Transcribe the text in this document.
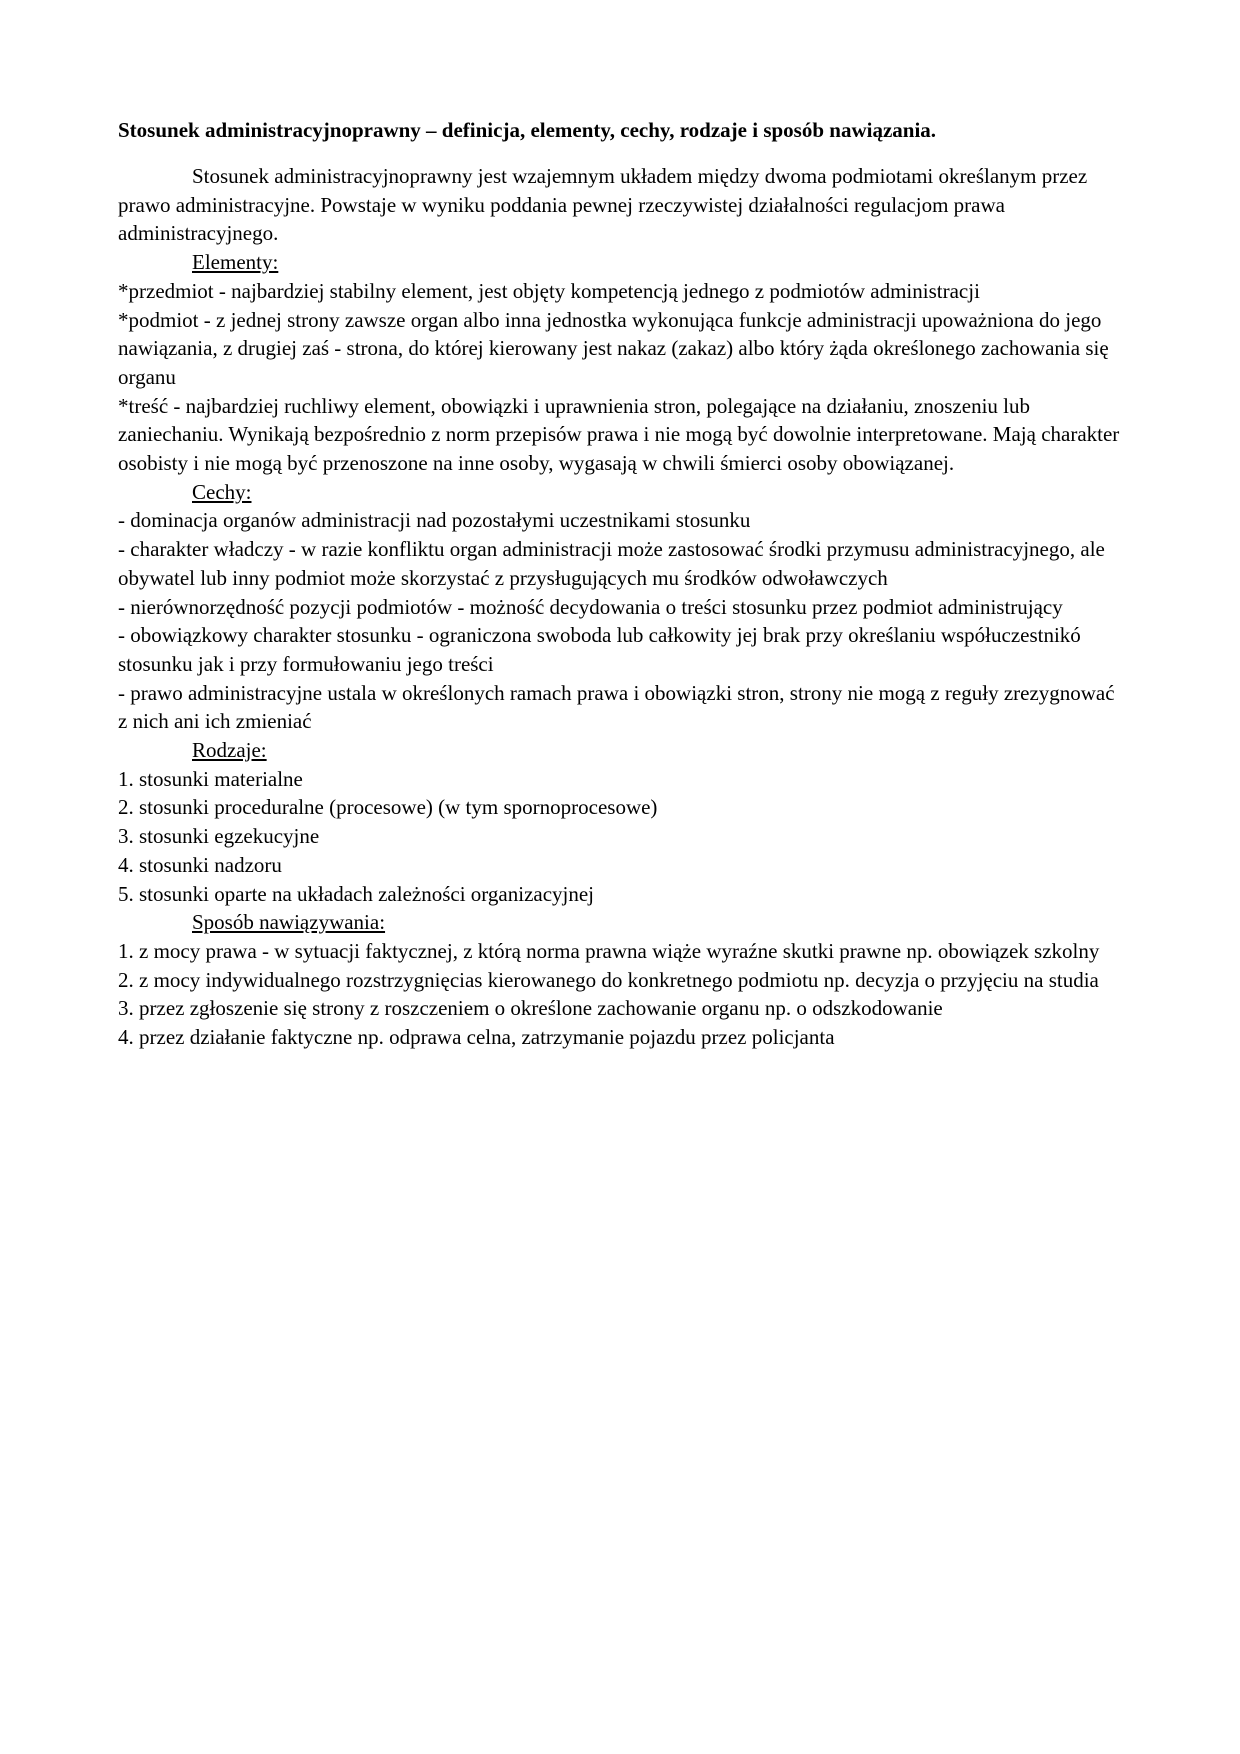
Stosunek administracyjnoprawny – definicja, elementy, cechy, rodzaje i sposób nawiązania.

Stosunek administracyjnoprawny jest wzajemnym układem między dwoma podmiotami określanym przez prawo administracyjne. Powstaje w wyniku poddania pewnej rzeczywistej działalności regulacjom prawa administracyjnego.

Elementy:

*przedmiot - najbardziej stabilny element, jest objęty kompetencją jednego z podmiotów administracji

*podmiot - z jednej strony zawsze organ albo inna jednostka wykonująca funkcje administracji upoważniona do jego nawiązania, z drugiej zaś - strona, do której kierowany jest nakaz (zakaz) albo który żąda określonego zachowania się organu

*treść - najbardziej ruchliwy element, obowiązki i uprawnienia stron, polegające na działaniu, znoszeniu lub zaniechaniu. Wynikają bezpośrednio z norm przepisów prawa i nie mogą być dowolnie interpretowane. Mają charakter osobisty i nie mogą być przenoszone na inne osoby, wygasają w chwili śmierci osoby obowiązanej.

Cechy:

- dominacja organów administracji nad pozostałymi uczestnikami stosunku

- charakter władczy - w razie konfliktu organ administracji może zastosować środki przymusu administracyjnego, ale obywatel lub inny podmiot może skorzystać z przysługujących mu środków odwoławczych

- nierównorzędność pozycji podmiotów - możność decydowania o treści stosunku przez podmiot administrujący

- obowiązkowy charakter stosunku - ograniczona swoboda lub całkowity jej brak przy określaniu współuczestnikó stosunku jak i przy formułowaniu jego treści

- prawo administracyjne ustala w określonych ramach prawa i obowiązki stron, strony nie mogą z reguły zrezygnować z nich ani ich zmieniać

Rodzaje:

1. stosunki materialne

2. stosunki proceduralne (procesowe) (w tym spornoprocesowe)

3. stosunki egzekucyjne

4. stosunki nadzoru

5. stosunki oparte na układach zależności organizacyjnej

Sposób nawiązywania:

1. z mocy prawa - w sytuacji faktycznej, z którą norma prawna wiąże wyraźne skutki prawne np. obowiązek szkolny

2. z mocy indywidualnego rozstrzygnięcias kierowanego do konkretnego podmiotu np. decyzja o przyjęciu na studia

3. przez zgłoszenie się strony z roszczeniem o określone zachowanie organu np. o odszkodowanie

4. przez działanie faktyczne np. odprawa celna, zatrzymanie pojazdu przez policjanta
